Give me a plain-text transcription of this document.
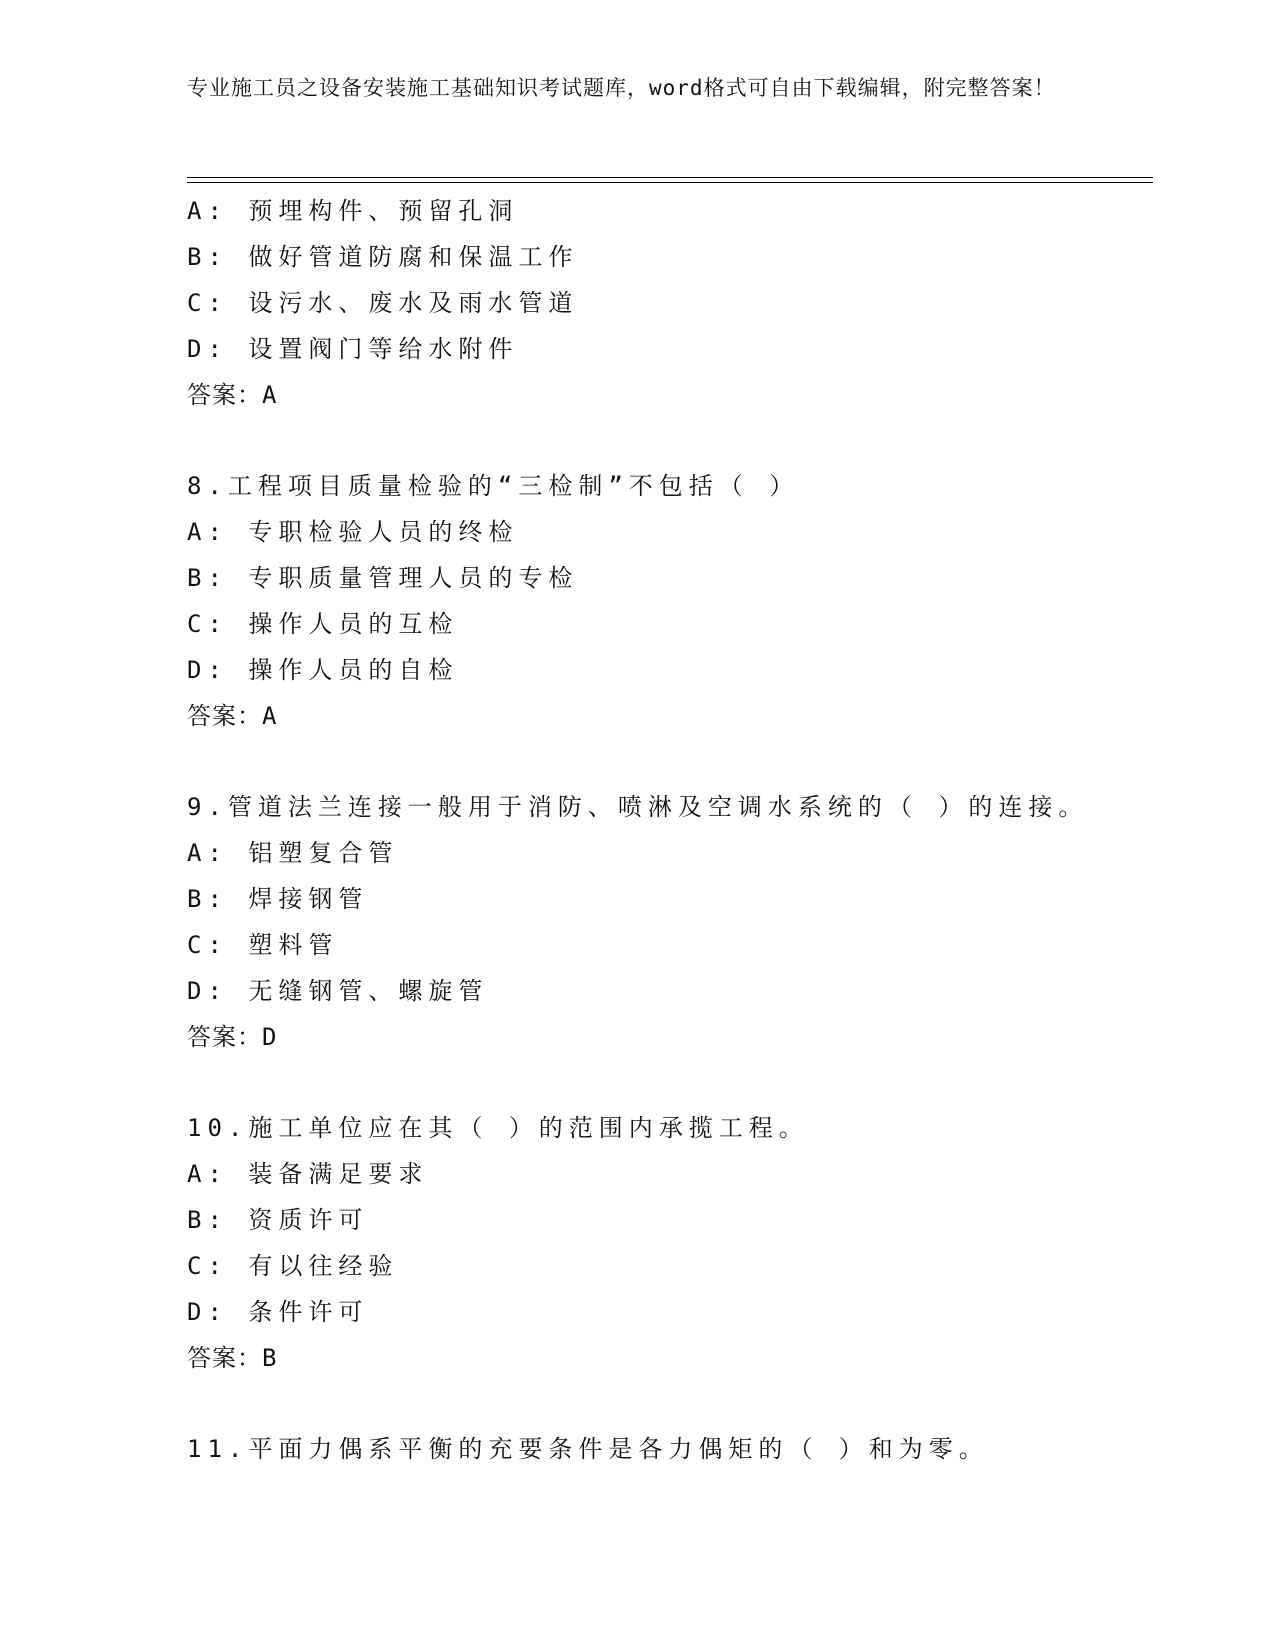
专业施工员之设备安装施工基础知识考试题库，word格式可自由下载编辑，附完整答案！
A: 预埋构件、预留孔洞
B: 做好管道防腐和保温工作
C: 设污水、废水及雨水管道
D: 设置阀门等给水附件
答案：A
8.工程项目质量检验的“三检制”不包括（ ）
A: 专职检验人员的终检
B: 专职质量管理人员的专检
C: 操作人员的互检
D: 操作人员的自检
答案：A
9.管道法兰连接一般用于消防、喷淋及空调水系统的（ ）的连接。
A: 铝塑复合管
B: 焊接钢管
C: 塑料管
D: 无缝钢管、螺旋管
答案：D
10.施工单位应在其（ ）的范围内承揽工程。
A: 装备满足要求
B: 资质许可
C: 有以往经验
D: 条件许可
答案：B
11.平面力偶系平衡的充要条件是各力偶矩的（ ）和为零。
